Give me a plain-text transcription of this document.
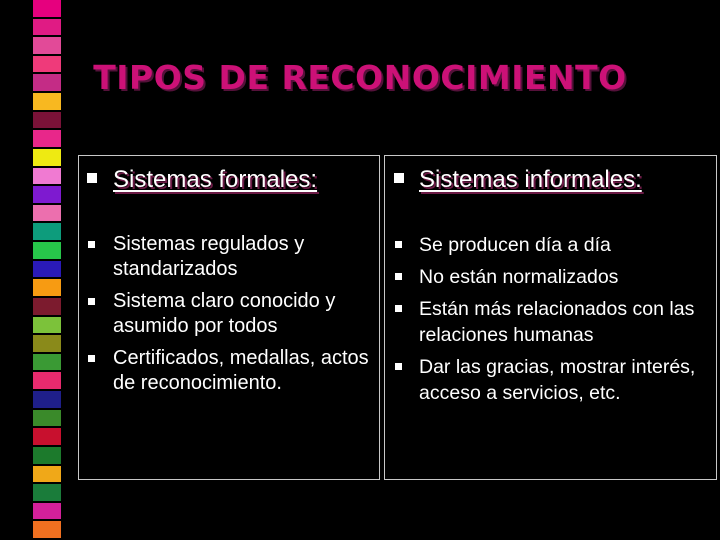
TIPOS DE RECONOCIMIENTO
Sistemas formales:
Sistemas regulados y standarizados
Sistema claro conocido y asumido por todos
Certificados, medallas, actos de reconocimiento.
Sistemas informales:
Se producen día a día
No están normalizados
Están más relacionados con las relaciones humanas
Dar las gracias, mostrar interés, acceso a servicios, etc.
